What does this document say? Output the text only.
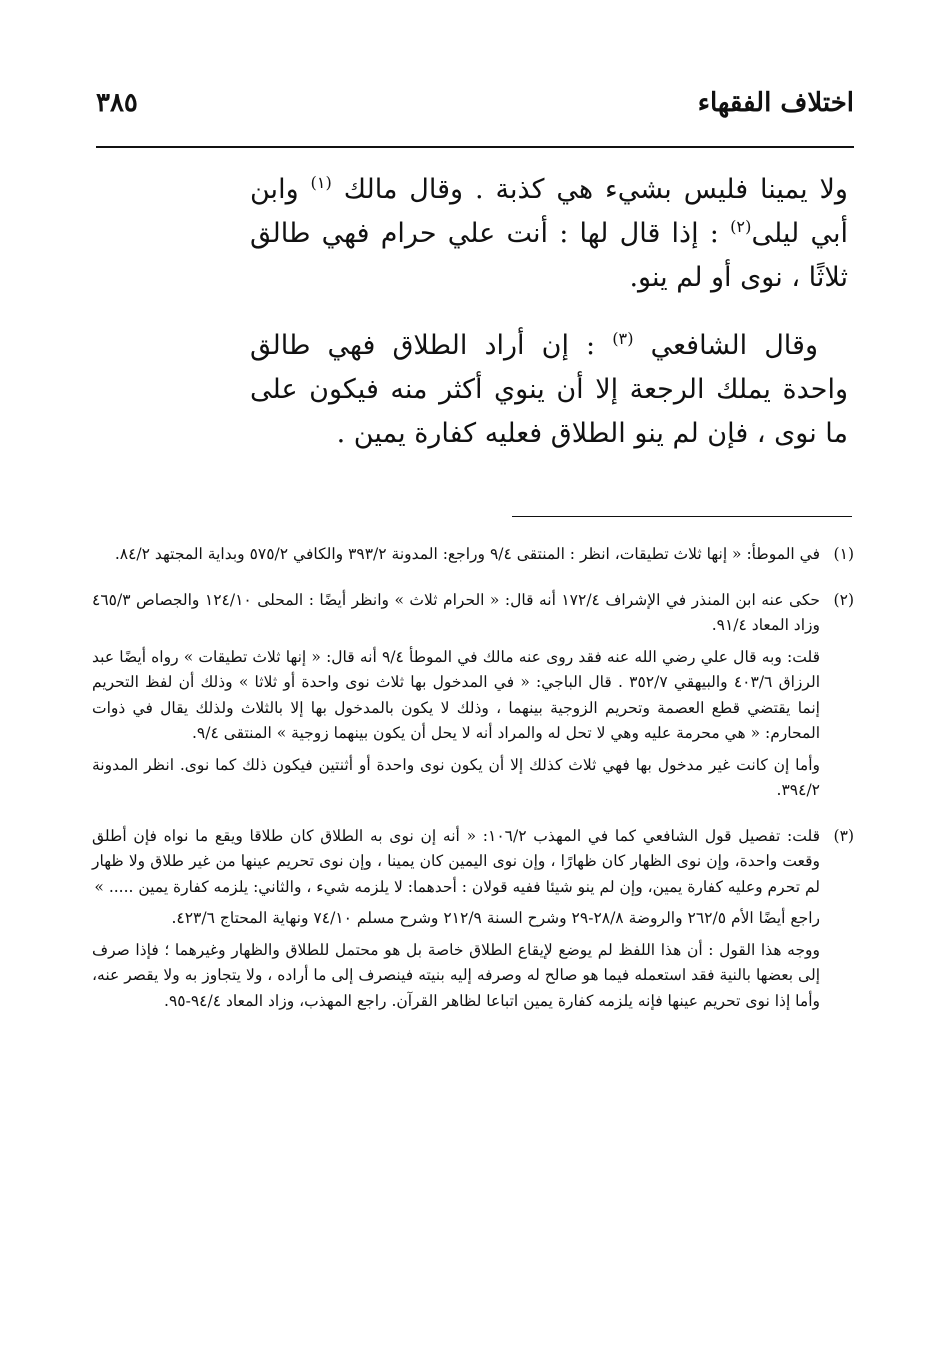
اختلاف الفقهاء
٣٨٥

ولا يمينا فليس بشيء هي كذبة . وقال مالك $^{(١)}$ وابن أبي ليلى$^{(٢)}$ : إذا قال لها : أنت علي حرام فهي طالق ثلاثًا ، نوى أو لم ينو.

وقال الشافعي $^{(٣)}$ : إن أراد الطلاق فهي طالق واحدة يملك الرجعة إلا أن ينوي أكثر منه فيكون على ما نوى ، فإن لم ينو الطلاق فعليه كفارة يمين .

(١)

في الموطأ: « إنها ثلاث تطيقات، انظر : المنتقى ٩/٤ وراجع: المدونة ٣٩٣/٢ والكافي ٥٧٥/٢ وبداية المجتهد ٨٤/٢.

(٢)

حكى عنه ابن المنذر في الإشراف ١٧٢/٤ أنه قال: « الحرام ثلاث » وانظر أيضًا : المحلى ١٢٤/١٠ والجصاص ٤٦٥/٣ وزاد المعاد ٩١/٤.

قلت: وبه قال علي رضي الله عنه فقد روى عنه مالك في الموطأ ٩/٤ أنه قال: « إنها ثلاث تطيقات » رواه أيضًا عبد الرزاق ٤٠٣/٦ والبيهقي ٣٥٢/٧ . قال الباجي: « في المدخول بها ثلاث نوى واحدة أو ثلاثا » وذلك أن لفظ التحريم إنما يقتضي قطع العصمة وتحريم الزوجية بينهما ، وذلك لا يكون بالمدخول بها إلا بالثلاث ولذلك يقال في ذوات المحارم: « هي محرمة عليه وهي لا تحل له والمراد أنه لا يحل أن يكون بينهما زوجية » المنتقى ٩/٤.

وأما إن كانت غير مدخول بها فهي ثلاث كذلك إلا أن يكون نوى واحدة أو أثنتين فيكون ذلك كما نوى. انظر المدونة ٣٩٤/٢.

(٣)

قلت: تفصيل قول الشافعي كما في المهذب ١٠٦/٢: « أنه إن نوى به الطلاق كان طلاقا ويقع ما نواه فإن أطلق وقعت واحدة، وإن نوى الظهار كان ظهارًا ، وإن نوى اليمين كان يمينا ، وإن نوى تحريم عينها من غير طلاق ولا ظهار لم تحرم وعليه كفارة يمين، وإن لم ينو شيئا ففيه قولان : أحدهما: لا يلزمه شيء ، والثاني: يلزمه كفارة يمين ..... »

راجع أيضًا الأم ٢٦٢/٥ والروضة ٢٨/٨-٢٩ وشرح السنة ٢١٢/٩ وشرح مسلم ٧٤/١٠ ونهاية المحتاج ٤٢٣/٦.

ووجه هذا القول : أن هذا اللفظ لم يوضع لإيقاع الطلاق خاصة بل هو محتمل للطلاق والظهار وغيرهما ؛ فإذا صرف إلى بعضها بالنية فقد استعمله فيما هو صالح له وصرفه إليه بنيته فينصرف إلى ما أراده ، ولا يتجاوز به ولا يقصر عنه، وأما إذا نوى تحريم عينها فإنه يلزمه كفارة يمين اتباعا لظاهر القرآن. راجع المهذب، وزاد المعاد ٩٤/٤-٩٥.
